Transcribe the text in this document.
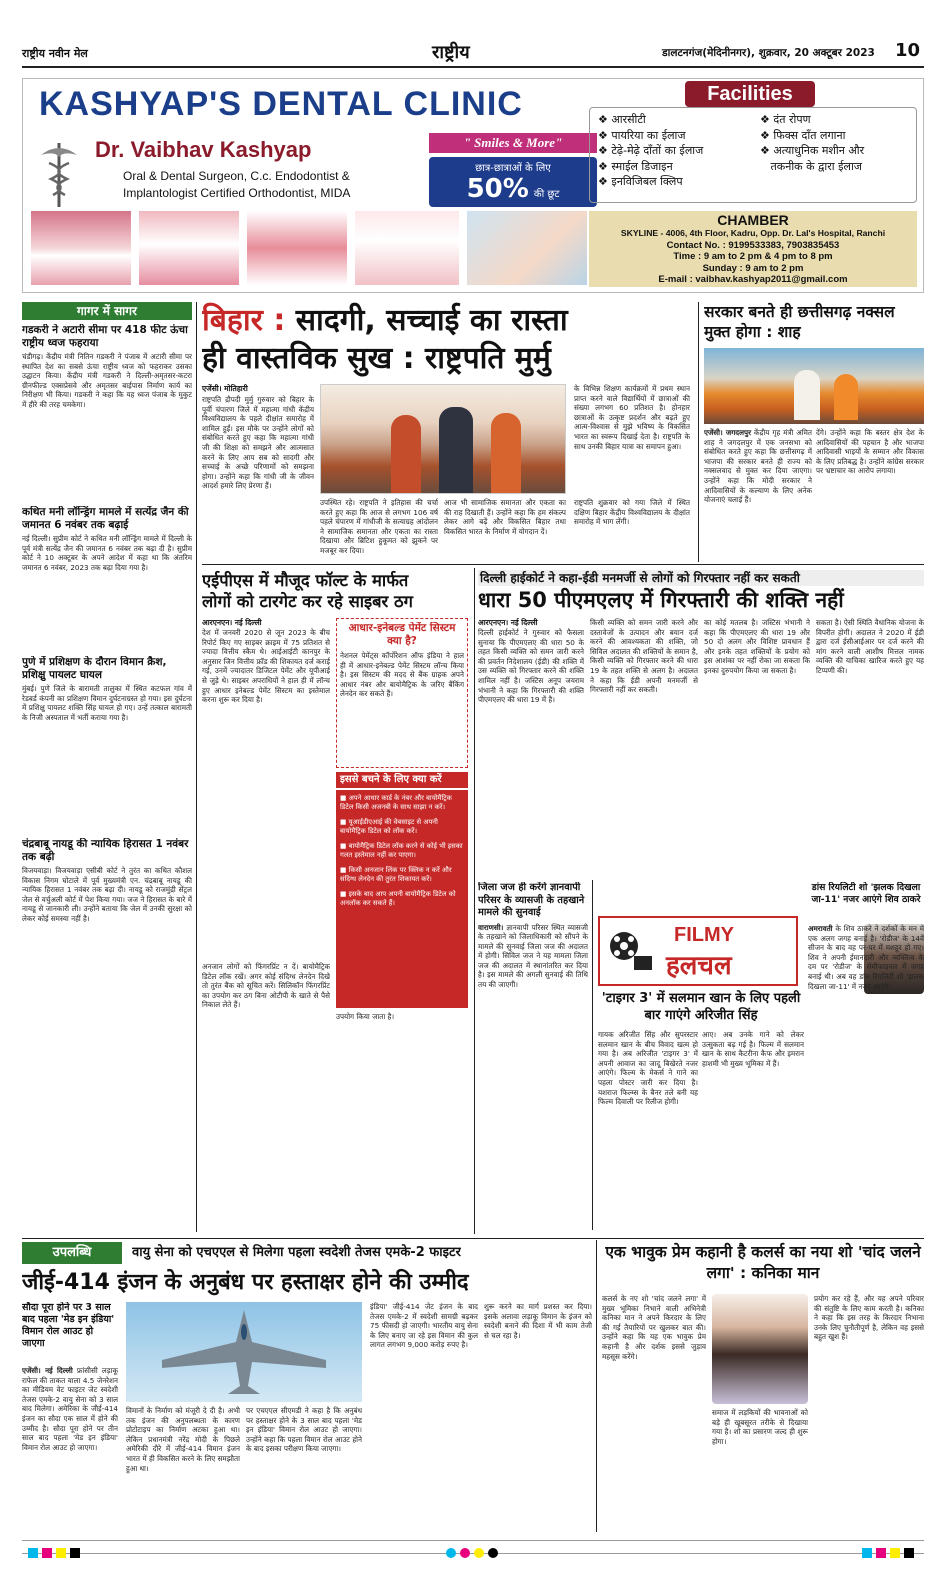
राष्ट्रीय नवीन मेल	राष्ट्रीय	डालटनगंज(मेदिनीनगर), शुक्रवार, 20 अक्टूबर 2023 10
KASHYAP'S DENTAL CLINIC
Dr. Vaibhav Kashyap
Oral & Dental Surgeon, C.c. Endodontist &
Implantologist Certified Orthodontist, MIDA
" Smiles & More"
छात्र-छात्राओं के लिए
50% की छूट
Facilities
❖ आरसीटी
❖ पायरिया का ईलाज
❖ टेढ़े-मेढ़े दाँतों का ईलाज
❖ स्माईल डिजाइन
❖ इनविजिबल क्लिप
❖ दंत रोपण
❖ फिक्स दाँत लगाना
❖ अत्याधुनिक मशीन और
तकनीक के द्वारा ईलाज
CHAMBER
SKYLINE - 4006, 4th Floor, Kadru, Opp. Dr. Lal's Hospital, Ranchi
Contact No. : 9199533383, 7903835453
Time : 9 am to 2 pm & 4 pm to 8 pm
Sunday : 9 am to 2 pm
E-mail : vaibhav.kashyap2011@gmail.com
गागर में सागर
गडकरी ने अटारी सीमा पर 418 फीट ऊंचा राष्ट्रीय ध्वज फहराया
चंडीगढ़। केंद्रीय मंत्री नितिन गडकरी ने पंजाब में अटारी सीमा पर स्थापित देश का सबसे ऊंचा राष्ट्रीय ध्वज को फहराकर उसका उद्घाटन किया। केंद्रीय मंत्री गडकरी ने दिल्ली-अमृतसर-कटरा ग्रीनफील्ड एक्सप्रेसवे और अमृतसर बाईपास निर्माण कार्य का निरीक्षण भी किया। गडकरी ने कहा कि यह ध्वज पंजाब के मुकुट में हीरे की तरह चमकेगा।
कथित मनी लॉन्ड्रिंग मामले में सत्येंद्र जैन की जमानत 6 नवंबर तक बढ़ाई
नई दिल्ली। सुप्रीम कोर्ट ने कथित मनी लॉन्ड्रिंग मामले में दिल्ली के पूर्व मंत्री सत्येंद्र जैन की जमानत 6 नवंबर तक बढ़ा दी है। सुप्रीम कोर्ट ने 10 अक्टूबर के अपने आदेश में कहा था कि अंतरिम जमानत 6 नवंबर, 2023 तक बढ़ा दिया गया है।
पुणे में प्रशिक्षण के दौरान विमान क्रैश, प्रशिक्षु पायलट घायल
मुंबई। पुणे जिले के बारामती तालुका में स्थित कटफल गांव में रेडबर्ड कंपनी का प्रशिक्षण विमान दुर्घटनाग्रस्त हो गया। इस दुर्घटना में प्रशिक्षु पायलट शक्ति सिंह घायल हो गए। उन्हें तत्काल बारामती के निजी अस्पताल में भर्ती कराया गया है।
चंद्रबाबू नायडू की न्यायिक हिरासत 1 नवंबर तक बढ़ी
विजयवाड़ा। विजयवाड़ा एसीबी कोर्ट ने तुरंत का कथित कौशल विकास निगम घोटाले में पूर्व मुख्यमंत्री एन. चंद्रबाबू नायडू की न्यायिक हिरासत 1 नवंबर तक बढ़ा दी। नायडू को राजमुंद्री सेंट्रल जेल से वर्चुअली कोर्ट में पेश किया गया। जज ने हिरासत के बारे में नायडू से जानकारी ली। उन्होंने बताया कि जेल में उनकी सुरक्षा को लेकर कोई समस्या नहीं है।
बिहार : सादगी, सच्चाई का रास्ता
ही वास्तविक सुख : राष्ट्रपति मुर्मु
एजेंसी। मोतिहारी
राष्ट्रपति द्रौपदी मुर्मु गुरुवार को बिहार के पूर्वी चंपारण जिले में महात्मा गांधी केंद्रीय विश्वविद्यालय के पहले दीक्षांत समारोह में शामिल हुईं। इस मौके पर उन्होंने लोगों को संबोधित करते हुए कहा कि महात्मा गांधी जी की शिक्षा को समझने और आत्मसात करने के लिए आप सब को सादगी और सच्चाई के अच्छे परिणामों को समझना होगा। उन्होंने कहा कि गांधी जी के जीवन आदर्श हमारे लिए प्रेरणा हैं।
उपस्थित रहे। राष्ट्रपति ने इतिहास की चर्चा करते हुए कहा कि आज से लगभग 106 वर्ष पहले चंपारण में गांधीजी के सत्याग्रह आंदोलन ने सामाजिक समानता और एकता का रास्ता दिखाया और ब्रिटिश हुकूमत को झुकने पर मजबूर कर दिया।
आज भी सामाजिक समानता और एकता का की राह दिखाती हैं। उन्होंने कहा कि हम संकल्प लेकर आगे बढ़ें और विकसित बिहार तथा विकसित भारत के निर्माण में योगदान दें।
के विभिन्न शिक्षण कार्यक्रमों में प्रथम स्थान प्राप्त करने वाले विद्यार्थियों में छात्राओं की संख्या लगभग 60 प्रतिशत है। होनहार छात्राओं के उत्कृष्ट प्रदर्शन और बढ़ते हुए आत्म-विश्वास से मुझे भविष्य के विकसित भारत का स्वरूप दिखाई देता है। राष्ट्रपति के साथ उनकी बिहार यात्रा का समापन हुआ।
राष्ट्रपति शुक्रवार को गया जिले में स्थित दक्षिण बिहार केंद्रीय विश्वविद्यालय के दीक्षांत समारोह में भाग लेंगी।
सरकार बनते ही छत्तीसगढ़ नक्सल मुक्त होगा : शाह
एजेंसी। जगदलपुर केंद्रीय गृह मंत्री अमित शाह ने जगदलपुर में एक जनसभा को संबोधित करते हुए कहा कि छत्तीसगढ़ में भाजपा की सरकार बनते ही राज्य को नक्सलवाद से मुक्त कर दिया जाएगा। उन्होंने कहा कि मोदी सरकार ने आदिवासियों के कल्याण के लिए अनेक योजनाएं चलाई हैं।
देंगे। उन्होंने कहा कि बस्तर क्षेत्र देश के आदिवासियों की पहचान है और भाजपा आदिवासी भाइयों के सम्मान और विकास के लिए प्रतिबद्ध है। उन्होंने कांग्रेस सरकार पर भ्रष्टाचार का आरोप लगाया।
एईपीएस में मौजूद फॉल्ट के मार्फत
लोगों को टारगेट कर रहे साइबर ठग
आरएनएन। नई दिल्ली
देश में जनवरी 2020 से जून 2023 के बीच रिपोर्ट किए गए साइबर क्राइम में 75 प्रतिशत से ज्यादा वित्तीय स्कैम थे। आईआईटी कानपुर के अनुसार जिन वित्तीय फ्रॉड की शिकायत दर्ज कराई गई, उनमें ज्यादातर डिजिटल पेमेंट और यूपीआई से जुड़े थे। साइबर अपराधियों ने हाल ही में लॉन्च हुए आधार इनेबल्ड पेमेंट सिस्टम का इस्तेमाल करना शुरू कर दिया है।
अनजान लोगों को फिंगरप्रिंट न दें। बायोमैट्रिक डिटेल लॉक रखें। अगर कोई संदिग्ध लेनदेन दिखे तो तुरंत बैंक को सूचित करें। सिलिकॉन फिंगरप्रिंट का उपयोग कर ठग बिना ओटीपी के खाते से पैसे निकाल लेते हैं।
आधार-इनेबल्ड पेमेंट सिस्टम क्या है?
नेशनल पेमेंट्स कॉर्पोरेशन ऑफ इंडिया ने हाल ही में आधार-इनेबल्ड पेमेंट सिस्टम लॉन्च किया है। इस सिस्टम की मदद से बैंक ग्राहक अपने आधार नंबर और बायोमैट्रिक के जरिए बैंकिंग लेनदेन कर सकते हैं।
इससे बचने के लिए क्या करें
■ अपने आधार कार्ड के नंबर और बायोमैट्रिक डिटेल किसी अजनबी के साथ साझा न करें।
■ यूआईडीएआई की वेबसाइट से अपनी बायोमैट्रिक डिटेल को लॉक करें।
■ बायोमैट्रिक डिटेल लॉक करने से कोई भी इसका गलत इस्तेमाल नहीं कर पाएगा।
■ किसी अनजान लिंक पर क्लिक न करें और संदिग्ध लेनदेन की तुरंत शिकायत करें।
■ इसके बाद आप अपनी बायोमैट्रिक डिटेल को अनलॉक कर सकते हैं।
उपयोग किया जाता है।
दिल्ली हाईकोर्ट ने कहा-ईडी मनमर्जी से लोगों को गिरफ्तार नहीं कर सकती
धारा 50 पीएमएलए में गिरफ्तारी की शक्ति नहीं
आरएनएन। नई दिल्ली
दिल्ली हाईकोर्ट ने गुरुवार को फैसला सुनाया कि पीएमएलए की धारा 50 के तहत किसी व्यक्ति को समन जारी करने की प्रवर्तन निदेशालय (ईडी) की शक्ति में उस व्यक्ति को गिरफ्तार करने की शक्ति शामिल नहीं है। जस्टिस अनूप जयराम भंभानी ने कहा कि गिरफ्तारी की शक्ति पीएमएलए की धारा 19 में है।
किसी व्यक्ति को समन जारी करने और दस्तावेजों के उत्पादन और बयान दर्ज करने की आवश्यकता की शक्ति, जो सिविल अदालत की शक्तियों के समान है, किसी व्यक्ति को गिरफ्तार करने की धारा 19 के तहत शक्ति से अलग है। अदालत ने कहा कि ईडी अपनी मनमर्जी से गिरफ्तारी नहीं कर सकती।
का कोई मतलब है। जस्टिस भंभानी ने कहा कि पीएमएलए की धारा 19 और 50 दो अलग और विशिष्ट प्रावधान हैं और इनके तहत शक्तियों के प्रयोग को इस आशंका पर नहीं रोका जा सकता कि इनका दुरुपयोग किया जा सकता है।
सकता है। ऐसी स्थिति वैधानिक योजना के विपरीत होगी। अदालत ने 2020 में ईडी द्वारा दर्ज ईसीआईआर पर दर्ज करने की मांग करने वाली आशीष मित्तल नामक व्यक्ति की याचिका खारिज करते हुए यह टिप्पणी की।
जिला जज ही करेंगे ज्ञानवापी परिसर के व्यासजी के तहखाने मामले की सुनवाई
वाराणसी। ज्ञानवापी परिसर स्थित व्यासजी के तहखाने को जिलाधिकारी को सौंपने के मामले की सुनवाई जिला जज की अदालत में होगी। सिविल जज ने यह मामला जिला जज की अदालत में स्थानांतरित कर दिया है। इस मामले की अगली सुनवाई की तिथि तय की जाएगी।
FILMY
हलचल
'टाइगर 3' में सलमान खान के लिए पहली बार गाएंगे अरिजीत सिंह
गायक अरिजीत सिंह और सुपरस्टार सलमान खान के बीच विवाद खत्म हो गया है। अब अरिजीत 'टाइगर 3' में अपनी आवाज का जादू बिखेरते नजर आएंगे। फिल्म के मेकर्स ने गाने का पहला पोस्टर जारी कर दिया है। यशराज फिल्म्स के बैनर तले बनी यह फिल्म दिवाली पर रिलीज होगी।
आए। अब उनके गाने को लेकर उत्सुकता बढ़ गई है। फिल्म में सलमान खान के साथ कैटरीना कैफ और इमरान हाशमी भी मुख्य भूमिका में हैं।
डांस रियलिटी शो 'झलक दिखला जा-11' नजर आएंगे शिव ठाकरे
अमरावती के शिव ठाकरे ने दर्शकों के मन में एक अलग जगह बनाई है। 'रोडीज' के 14वें सीजन के बाद वह पर-पर में मशहूर हो गए। शिव ने अपनी ईमानदारी और व्यक्तित्व के दम पर 'रोडीज' के सेमीफाइनल में जगह बनाई थी। अब वह डांस रियलिटी शो 'झलक दिखला जा-11' में नजर आएंगे।
उपलब्धि	वायु सेना को एचएएल से मिलेगा पहला स्वदेशी तेजस एमके-2 फाइटर
जीई-414 इंजन के अनुबंध पर हस्ताक्षर होने की उम्मीद
सौदा पूरा होने पर 3 साल बाद पहला 'मेड इन इंडिया' विमान रोल आउट हो जाएगा
एजेंसी। नई दिल्ली फ्रांसीसी लड़ाकू राफेल की ताकत वाला 4.5 जेनरेशन का मीडियम वेट फाइटर जेट स्वदेशी तेजस एमके-2 वायु सेना को 3 साल बाद मिलेगा। अमेरिका के जीई-414 इंजन का सौदा एक साल में होने की उम्मीद है। सौदा पूरा होने पर तीन साल बाद पहला 'मेड इन इंडिया' विमान रोल आउट हो जाएगा।
विमानों के निर्माण को मंजूरी दे दी है। अभी तक इंजन की अनुपलब्धता के कारण प्रोटोटाइप का निर्माण अटका हुआ था। लेकिन प्रधानमंत्री नरेंद्र मोदी के पिछले अमेरिकी दौरे में जीई-414 विमान इंजन भारत में ही विकसित करने के लिए समझौता हुआ था।
पर एचएएल सीएमडी ने कहा है कि अनुबंध पर हस्ताक्षर होने के 3 साल बाद पहला 'मेड इन इंडिया' विमान रोल आउट हो जाएगा। उन्होंने कहा कि पहला विमान रोल आउट होने के बाद इसका परीक्षण किया जाएगा।
इंडिया' जीई-414 जेट इंजन के बाद तेजस एमके-2 में स्वदेशी सामग्री बढ़कर 75 फीसदी हो जाएगी। भारतीय वायु सेना के लिए बनाए जा रहे इस विमान की कुल लागत लगभग 9,000 करोड़ रुपए है।
शुरू करने का मार्ग प्रशस्त कर दिया। इसके अलावा लड़ाकू विमान के इंजन को स्वदेशी बनाने की दिशा में भी काम तेजी से चल रहा है।
एक भावुक प्रेम कहानी है कलर्स का नया शो 'चांद जलने लगा' : कनिका मान
कलर्स के नए शो 'चांद जलने लगा' में मुख्य भूमिका निभाने वाली अभिनेत्री कनिका मान ने अपने किरदार के लिए की गई तैयारियों पर खुलकर बात की। उन्होंने कहा कि यह एक भावुक प्रेम कहानी है और दर्शक इससे जुड़ाव महसूस करेंगे।
समाज में लड़कियों की भावनाओं को बड़े ही खूबसूरत तरीके से दिखाया गया है। शो का प्रसारण जल्द ही शुरू होगा।
प्रयोग कर रहे हैं, और यह अपने परिवार की संतुष्टि के लिए काम करती है। कनिका ने कहा कि इस तरह के किरदार निभाना उनके लिए चुनौतीपूर्ण है, लेकिन वह इससे बहुत खुश हैं।
